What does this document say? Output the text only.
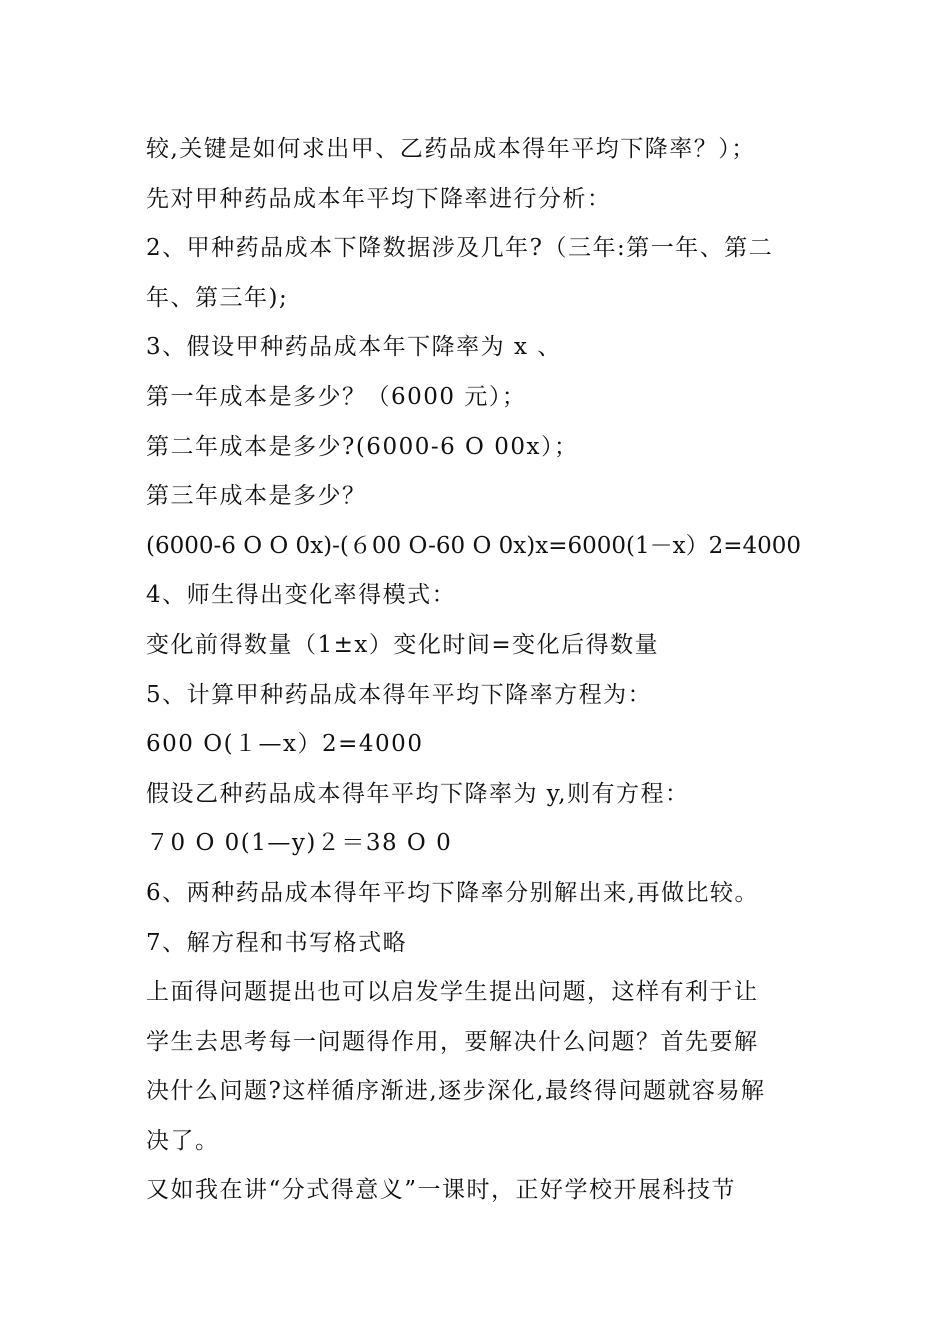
较,关键是如何求出甲、乙药品成本得年平均下降率？）；
先对甲种药品成本年平均下降率进行分析：
2、甲种药品成本下降数据涉及几年?（三年:第一年、第二
年、第三年);
3、假设甲种药品成本年下降率为 x 、
第一年成本是多少？（6000 元）；
第二年成本是多少?(6000-6 O 00x）；
第三年成本是多少？
(6000-6 O O 0x)-(６00 O-60 O 0x)x=6000(1－x）2=4000
4、师生得出变化率得模式：
变化前得数量（1±x）变化时间=变化后得数量
5、计算甲种药品成本得年平均下降率方程为：
600 O(１—x）2=4000
假设乙种药品成本得年平均下降率为 y,则有方程：
７0 O 0(1—y)２＝38 O 0
6、两种药品成本得年平均下降率分别解出来,再做比较。
7、解方程和书写格式略
上面得问题提出也可以启发学生提出问题，这样有利于让
学生去思考每一问题得作用，要解决什么问题？首先要解
决什么问题?这样循序渐进,逐步深化,最终得问题就容易解
决了。
又如我在讲“分式得意义”一课时，正好学校开展科技节
